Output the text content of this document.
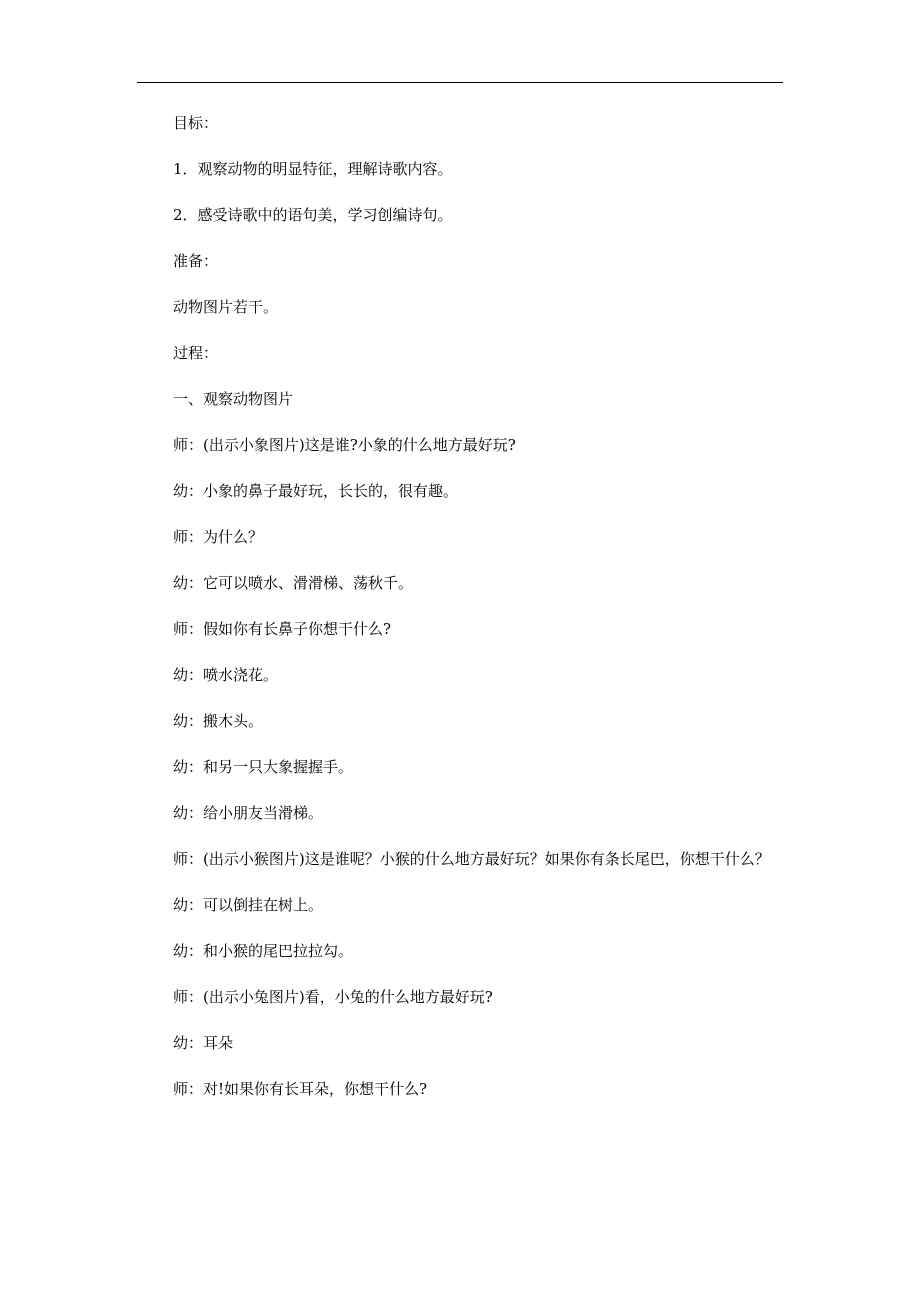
目标：

1．观察动物的明显特征，理解诗歌内容。

2．感受诗歌中的语句美，学习创编诗句。

准备：

动物图片若干。

过程：

一、观察动物图片

师：(出示小象图片)这是谁?小象的什么地方最好玩?

幼：小象的鼻子最好玩，长长的，很有趣。

师：为什么？

幼：它可以喷水、滑滑梯、荡秋千。

师：假如你有长鼻子你想干什么?

幼：喷水浇花。

幼：搬木头。

幼：和另一只大象握握手。

幼：给小朋友当滑梯。

师：(出示小猴图片)这是谁呢？小猴的什么地方最好玩？如果你有条长尾巴，你想干什么？

幼：可以倒挂在树上。

幼：和小猴的尾巴拉拉勾。

师：(出示小兔图片)看，小兔的什么地方最好玩?

幼：耳朵

师：对!如果你有长耳朵，你想干什么?
